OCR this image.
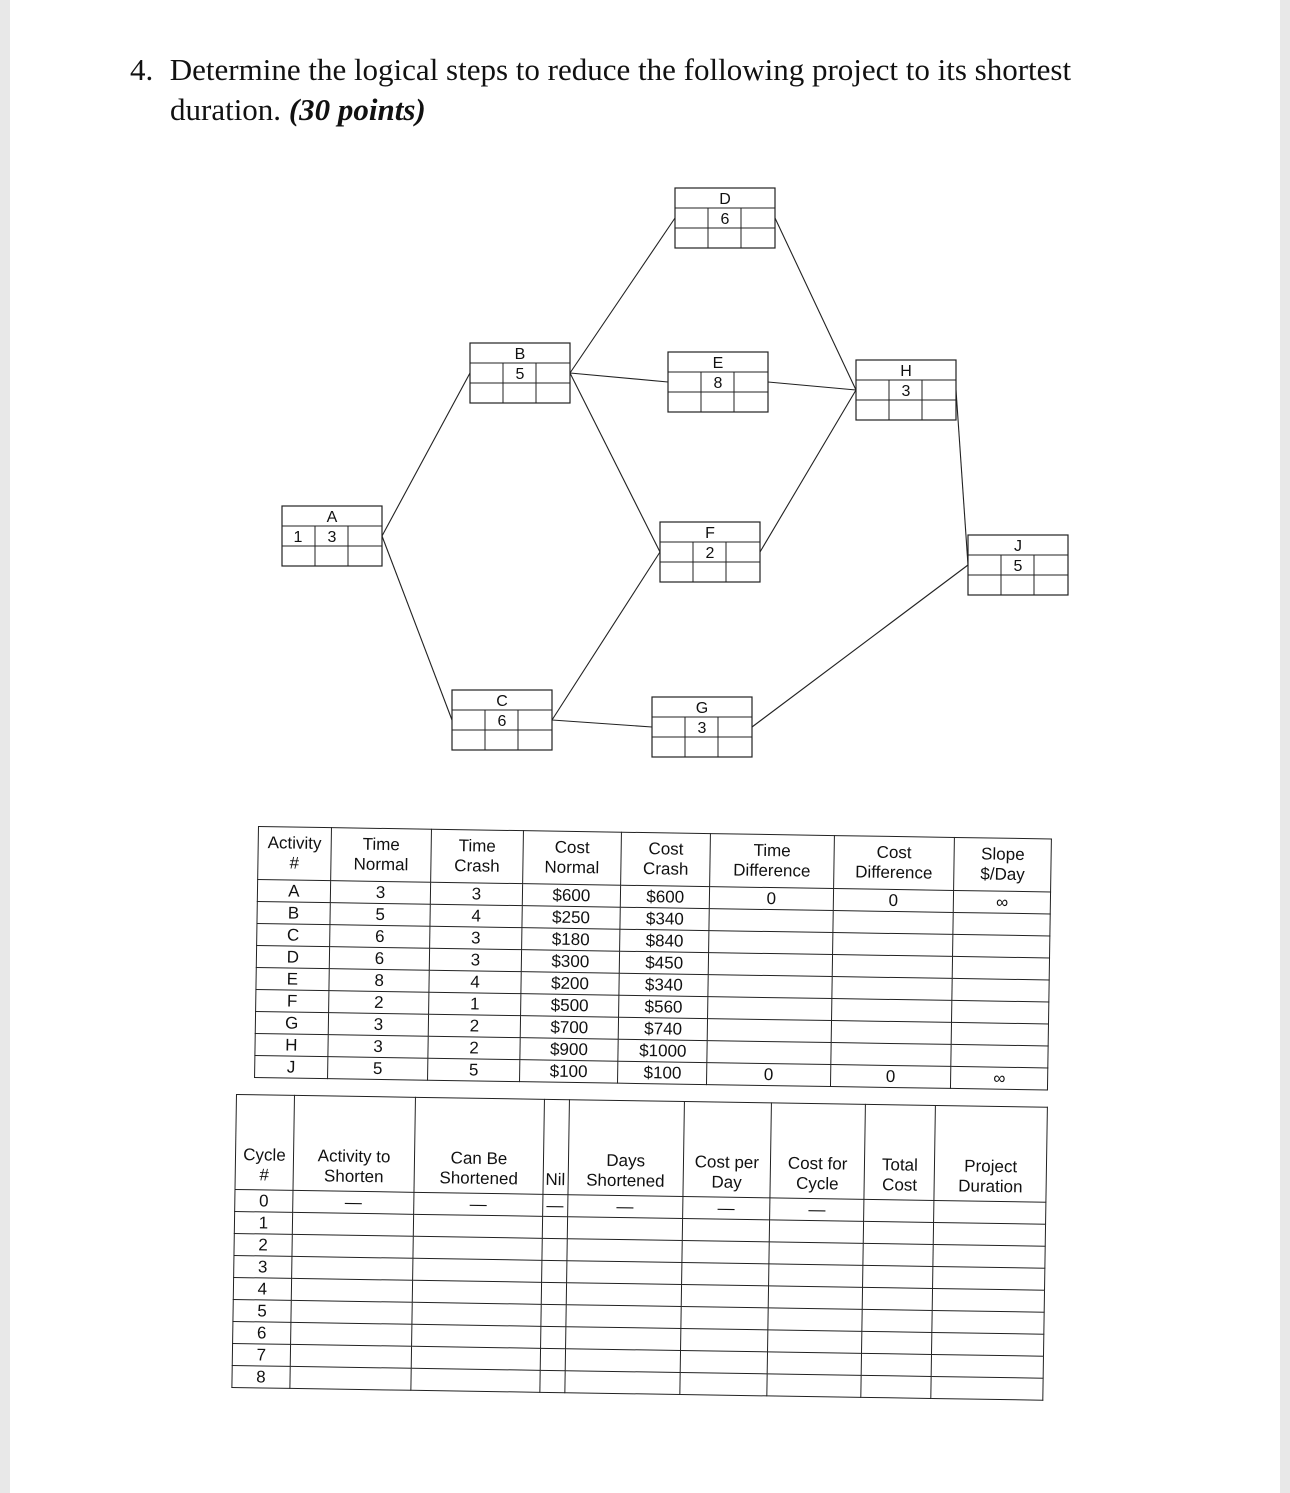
4. Determine the logical steps to reduce the following project to its shortest
duration. (30 points)
A
3
1
B
5
C
6
D
6
E
8
F
2
G
3
H
3
J
5
Activity #	Time Normal	Time Crash	Cost Normal	Cost Crash	Time Difference	Cost Difference	Slope $/Day
A	3	3	$600	$600	0	0	∞
B	5	4	$250	$340			
C	6	3	$180	$840			
D	6	3	$300	$450			
E	8	4	$200	$340			
F	2	1	$500	$560			
G	3	2	$700	$740			
H	3	2	$900	$1000			
J	5	5	$100	$100	0	0	∞
Cycle #	Activity to Shorten	Can Be Shortened	Nil	Days Shortened	Cost per Day	Cost for Cycle	Total Cost	Project Duration
0	—	—	—	—	—	—		
1								
2								
3								
4								
5								
6								
7								
8								
